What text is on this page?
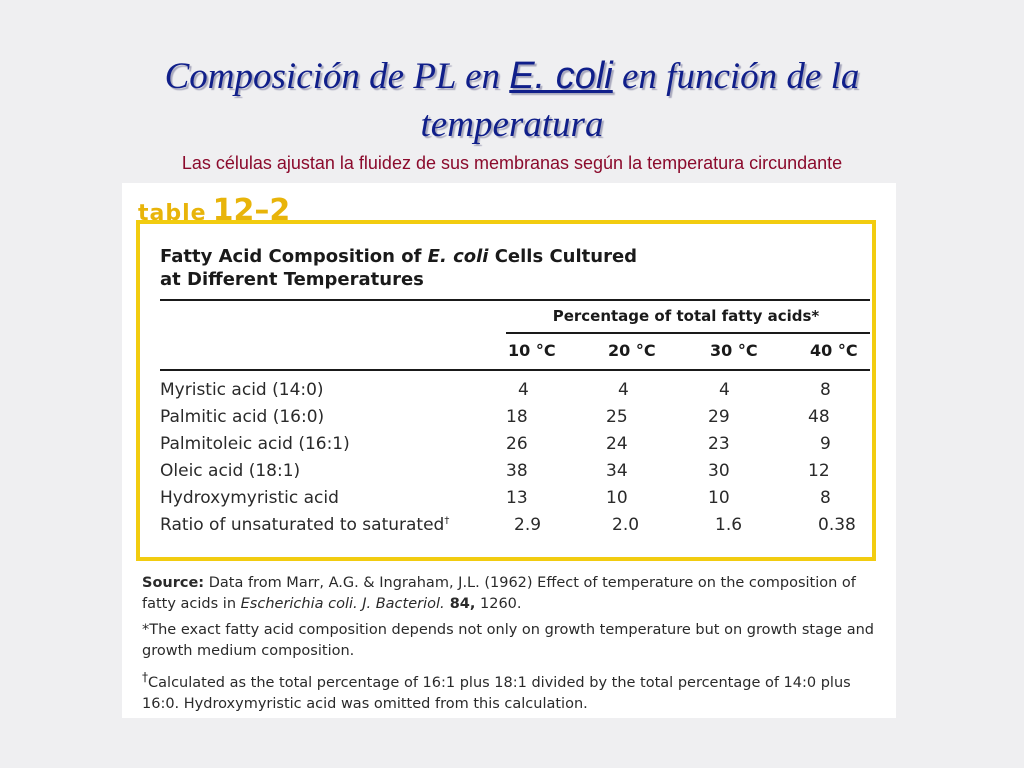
Composición de PL en E. coli en función de la
temperatura
Las células ajustan la fluidez de sus membranas según la temperatura circundante
table 12–2
Fatty Acid Composition of E. coli Cells Cultured
at Different Temperatures
Percentage of total fatty acids*
10 °C	20 °C	30 °C	40 °C
Myristic acid (14:0)	4	4	4	8
Palmitic acid (16:0)	18	25	29	48
Palmitoleic acid (16:1)	26	24	23	9
Oleic acid (18:1)	38	34	30	12
Hydroxymyristic acid	13	10	10	8
Ratio of unsaturated to saturated†	2.9	2.0	1.6	0.38

Source: Data from Marr, A.G. & Ingraham, J.L. (1962) Effect of temperature on the composition of fatty acids in Escherichia coli. J. Bacteriol. 84, 1260.

*The exact fatty acid composition depends not only on growth temperature but on growth stage and growth medium composition.

†Calculated as the total percentage of 16:1 plus 18:1 divided by the total percentage of 14:0 plus 16:0. Hydroxymyristic acid was omitted from this calculation.
